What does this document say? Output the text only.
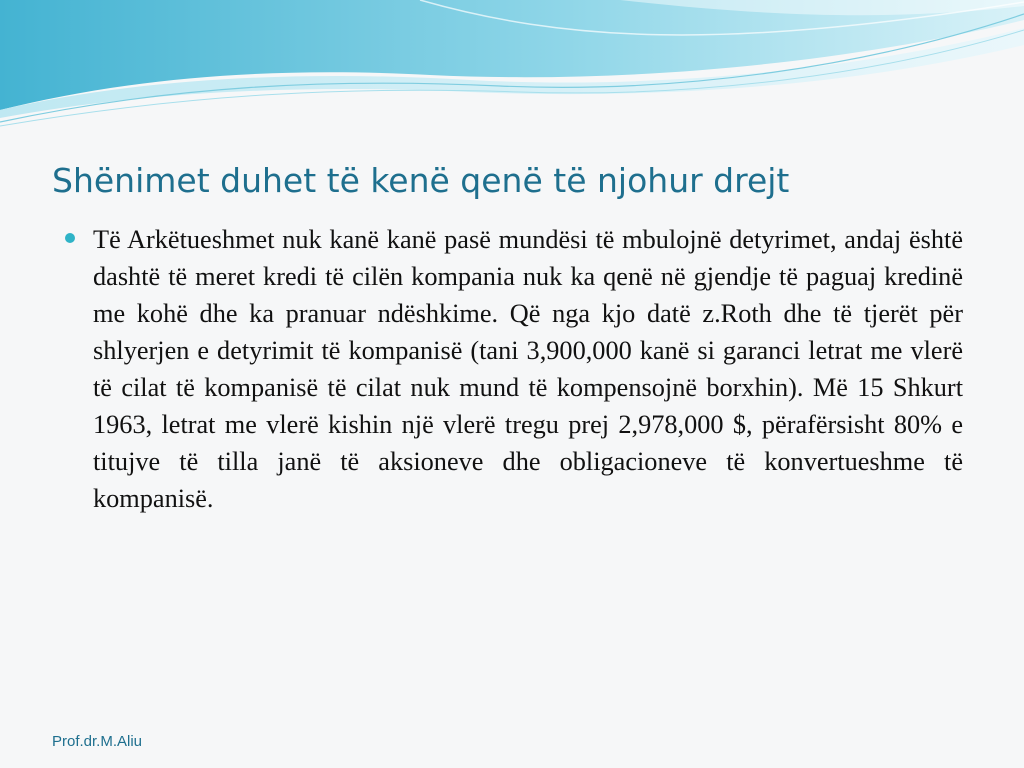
Shënimet duhet të kenë qenë të njohur drejt

Të Arkëtueshmet nuk kanë kanë pasë mundësi të mbulojnë detyrimet, andaj është dashtë të meret kredi të cilën kompania nuk ka qenë në gjendje të paguaj kredinë me kohë dhe ka pranuar ndëshkime. Që nga kjo datë z.Roth dhe të tjerët për shlyerjen e detyrimit të kompanisë (tani 3,900,000 kanë si garanci letrat me vlerë të cilat të kompanisë të cilat nuk mund të kompensojnë borxhin). Më 15 Shkurt 1963, letrat me vlerë kishin një vlerë tregu prej 2,978,000 $, përafërsisht 80% e titujve të tilla janë të aksioneve dhe obligacioneve të konvertueshme të kompanisë.

Prof.dr.M.Aliu
